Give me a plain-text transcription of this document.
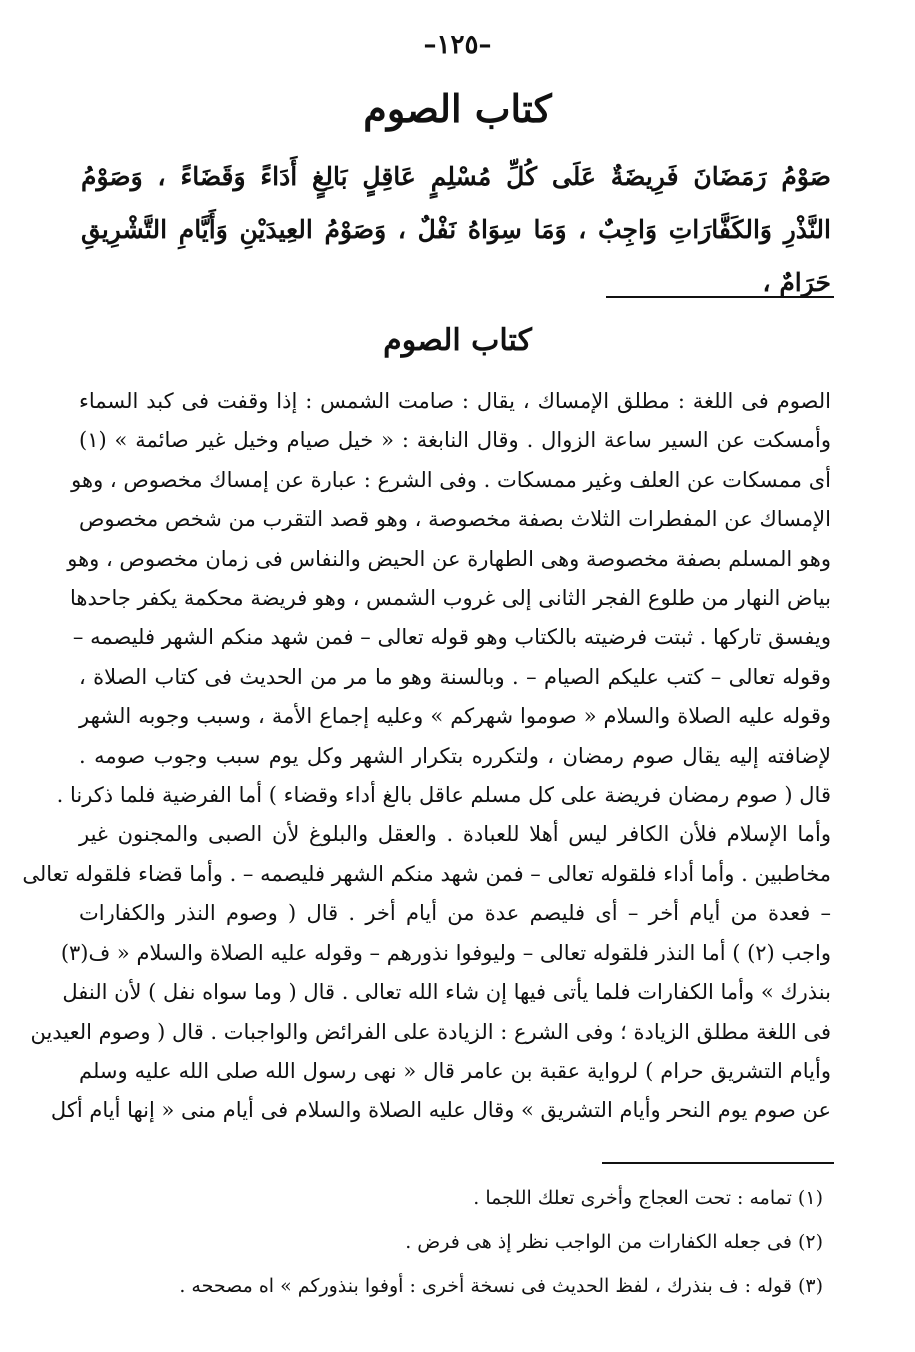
–١٢٥–
كتاب الصوم
صَوْمُ رَمَضَانَ فَرِيضَةٌ عَلَى كُلِّ مُسْلِمٍ عَاقِلٍ بَالِغٍ أَدَاءً وَقَضَاءً ، وَصَوْمُ
النَّذْرِ وَالكَفَّارَاتِ وَاجِبٌ ، وَمَا سِوَاهُ نَفْلٌ ، وَصَوْمُ العِيدَيْنِ وَأَيَّامِ التَّشْرِيقِ
حَرَامٌ ،
كتاب الصوم
الصوم فى اللغة : مطلق الإمساك ، يقال : صامت الشمس : إذا وقفت فى كبد السماء
وأمسكت عن السير ساعة الزوال . وقال النابغة : « خيل صيام وخيل غير صائمة » (١)
أى ممسكات عن العلف وغير ممسكات . وفى الشرع : عبارة عن إمساك مخصوص ، وهو
الإمساك عن المفطرات الثلاث بصفة مخصوصة ، وهو قصد التقرب من شخص مخصوص
وهو المسلم بصفة مخصوصة وهى الطهارة عن الحيض والنفاس فى زمان مخصوص ، وهو
بياض النهار من طلوع الفجر الثانى إلى غروب الشمس ، وهو فريضة محكمة يكفر جاحدها
ويفسق تاركها . ثبتت فرضيته بالكتاب وهو قوله تعالى – فمن شهد منكم الشهر فليصمه –
وقوله تعالى – كتب عليكم الصيام – . وبالسنة وهو ما مر من الحديث فى كتاب الصلاة ،
وقوله عليه الصلاة والسلام « صوموا شهركم » وعليه إجماع الأمة ، وسبب وجوبه الشهر
لإضافته إليه يقال صوم رمضان ، ولتكرره بتكرار الشهر وكل يوم سبب وجوب صومه .
قال ( صوم رمضان فريضة على كل مسلم عاقل بالغ أداء وقضاء ) أما الفرضية فلما ذكرنا .
وأما الإسلام فلأن الكافر ليس أهلا للعبادة . والعقل والبلوغ لأن الصبى والمجنون غير
مخاطبين . وأما أداء فلقوله تعالى – فمن شهد منكم الشهر فليصمه – . وأما قضاء فلقوله تعالى
– فعدة من أيام أخر – أى فليصم عدة من أيام أخر . قال ( وصوم النذر والكفارات
واجب (٢) ) أما النذر فلقوله تعالى – وليوفوا نذورهم – وقوله عليه الصلاة والسلام « ف(٣)
بنذرك » وأما الكفارات فلما يأتى فيها إن شاء الله تعالى . قال ( وما سواه نفل ) لأن النفل
فى اللغة مطلق الزيادة ؛ وفى الشرع : الزيادة على الفرائض والواجبات . قال ( وصوم العيدين
وأيام التشريق حرام ) لرواية عقبة بن عامر قال « نهى رسول الله صلى الله عليه وسلم
عن صوم يوم النحر وأيام التشريق » وقال عليه الصلاة والسلام فى أيام منى « إنها أيام أكل
(١) تمامه : تحت العجاج وأخرى تعلك اللجما .
(٢) فى جعله الكفارات من الواجب نظر إذ هى فرض .
(٣) قوله : ف بنذرك ، لفظ الحديث فى نسخة أخرى : أوفوا بنذوركم » اه مصححه .
